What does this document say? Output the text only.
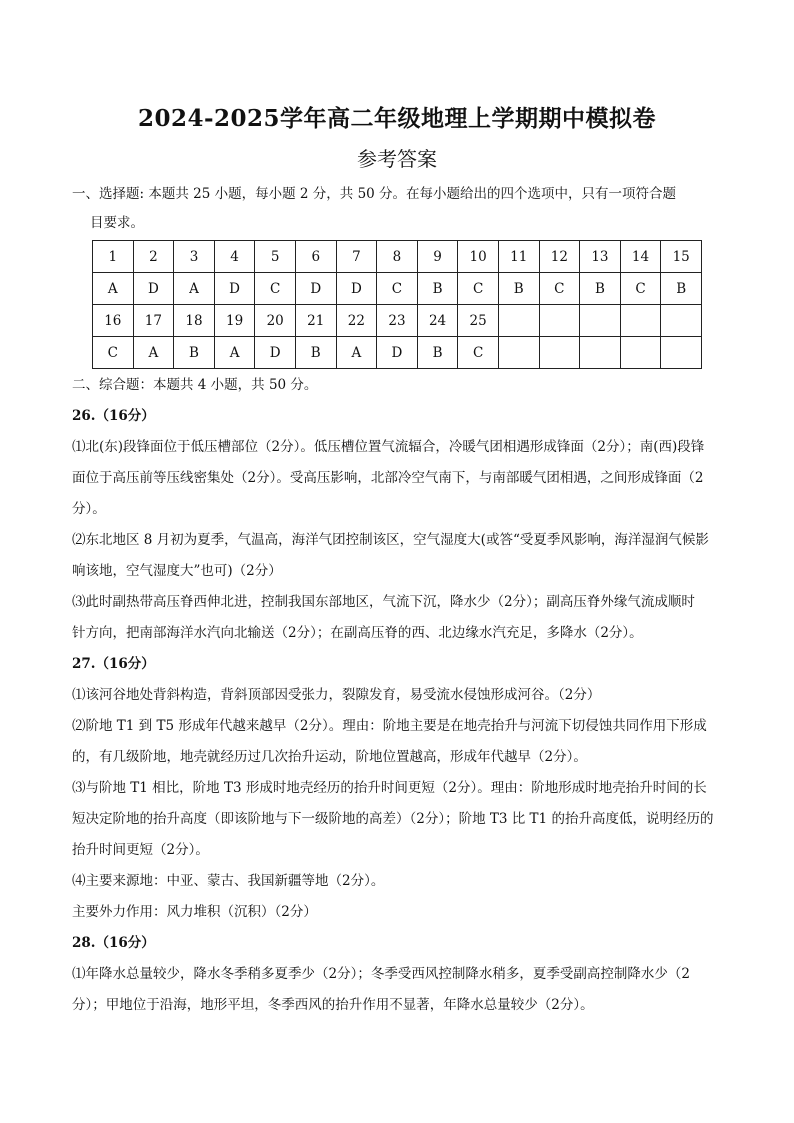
2024-2025学年高二年级地理上学期期中模拟卷
参考答案
一、选择题: 本题共 25 小题，每小题 2 分，共 50 分。在每小题给出的四个选项中，只有一项符合题
目要求。
1	2	3	4	5	6	7	8	9	10	11	12	13	14	15
A	D	A	D	C	D	D	C	B	C	B	C	B	C	B
16	17	18	19	20	21	22	23	24	25					
C	A	B	A	D	B	A	D	B	C					
二、综合题：本题共 4 小题，共 50 分。
26.（16分）
⑴北(东)段锋面位于低压槽部位（2分）。低压槽位置气流辐合，冷暖气团相遇形成锋面（2分）；南(西)段锋
面位于高压前等压线密集处（2分）。受高压影响，北部冷空气南下，与南部暖气团相遇，之间形成锋面（2
分）。
⑵东北地区 8 月初为夏季，气温高，海洋气团控制该区，空气湿度大(或答“受夏季风影响，海洋湿润气候影
响该地，空气湿度大”也可)（2分）
⑶此时副热带高压脊西伸北进，控制我国东部地区，气流下沉，降水少（2分）；副高压脊外缘气流成顺时
针方向，把南部海洋水汽向北输送（2分）；在副高压脊的西、北边缘水汽充足，多降水（2分）。
27.（16分）
⑴该河谷地处背斜构造，背斜顶部因受张力，裂隙发育，易受流水侵蚀形成河谷。（2分）
⑵阶地 T1 到 T5 形成年代越来越早（2分）。理由：阶地主要是在地壳抬升与河流下切侵蚀共同作用下形成
的，有几级阶地，地壳就经历过几次抬升运动，阶地位置越高，形成年代越早（2分）。
⑶与阶地 T1 相比，阶地 T3 形成时地壳经历的抬升时间更短（2分）。理由：阶地形成时地壳抬升时间的长
短决定阶地的抬升高度（即该阶地与下一级阶地的高差）（2分）；阶地 T3 比 T1 的抬升高度低，说明经历的
抬升时间更短（2分）。
⑷主要来源地：中亚、蒙古、我国新疆等地（2分）。
主要外力作用：风力堆积（沉积）（2分）
28.（16分）
⑴年降水总量较少，降水冬季稍多夏季少（2分）；冬季受西风控制降水稍多，夏季受副高控制降水少（2
分）；甲地位于沿海，地形平坦，冬季西风的抬升作用不显著，年降水总量较少（2分）。
